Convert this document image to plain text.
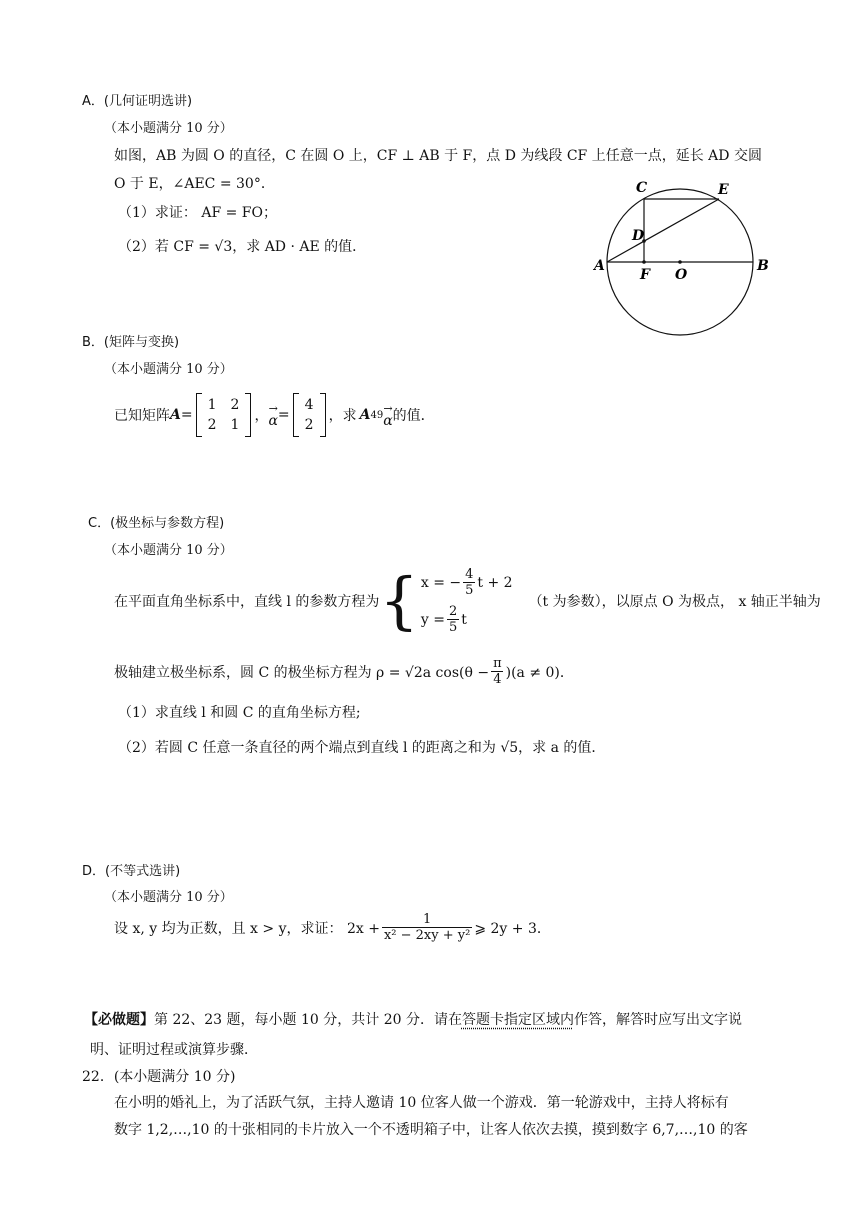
A．(几何证明选讲)
（本小题满分 10 分）
如图，AB 为圆 O 的直径，C 在圆 O 上，CF ⊥ AB 于 F，点 D 为线段 CF 上任意一点，延长 AD 交圆
O 于 E，∠AEC = 30°．
（1）求证： AF = FO；
（2）若 CF = √3，求 AD · AE 的值．
C	E
D
A
F O
B
B．(矩阵与变换)
（本小题满分 10 分）
已知矩阵 A =
1 2
2 1
， →
α =
4
2
，求 A 49 →
α 的值．
C．(极坐标与参数方程)
（本小题满分 10 分）
在平面直角坐标系中，直线 l 的参数方程为 { x = − $\frac{4}{5}$ t + 2
$y = \frac{2}{5}$ t
（t 为参数），以原点 O 为极点， x 轴正半轴为
极轴建立极坐标系，圆 C 的极坐标方程为 ρ = √2a $\cos(\theta - \frac{\pi}{4} )(a \ne 0)$．
（1）求直线 l 和圆 C 的直角坐标方程;
（2）若圆 C 任意一条直径的两个端点到直线 l 的距离之和为 √5，求 a 的值．
D．(不等式选讲)
（本小题满分 10 分）
设 x, y 均为正数，且 x > y，求证： $2x + \frac{1}{\text{x² − 2xy + y²}}$ ⩾ 2y + 3．
【必做题】第 22、23 题，每小题 10 分，共计 20 分．请在答题卡指定区域内作答，解答时应写出文字说
明、证明过程或演算步骤．
22．(本小题满分 10 分)
在小明的婚礼上，为了活跃气氛，主持人邀请 10 位客人做一个游戏．第一轮游戏中，主持人将标有
数字 1,2,…,10 的十张相同的卡片放入一个不透明箱子中，让客人依次去摸，摸到数字 6,7,…,10 的客
